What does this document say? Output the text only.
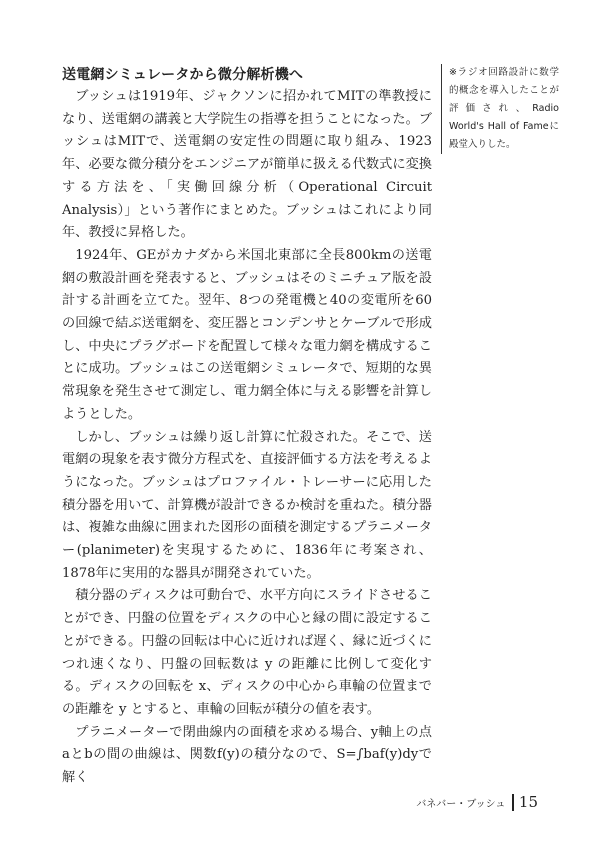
送電網シミュレータから微分解析機へ

ブッシュは1919年、ジャクソンに招かれてMITの準教授になり、送電網の講義と大学院生の指導を担うことになった。ブッシュはMITで、送電網の安定性の問題に取り組み、1923年、必要な微分積分をエンジニアが簡単に扱える代数式に変換する方法を、「実働回線分析（Operational Circuit Analysis）」という著作にまとめた。ブッシュはこれにより同年、教授に昇格した。

1924年、GEがカナダから米国北東部に全長800kmの送電網の敷設計画を発表すると、ブッシュはそのミニチュア版を設計する計画を立てた。翌年、8つの発電機と40の変電所を60の回線で結ぶ送電網を、変圧器とコンデンサとケーブルで形成し、中央にプラグボードを配置して様々な電力網を構成することに成功。ブッシュはこの送電網シミュレータで、短期的な異常現象を発生させて測定し、電力網全体に与える影響を計算しようとした。

しかし、ブッシュは繰り返し計算に忙殺された。そこで、送電網の現象を表す微分方程式を、直接評価する方法を考えるようになった。ブッシュはプロファイル・トレーサーに応用した積分器を用いて、計算機が設計できるか検討を重ねた。積分器は、複雑な曲線に囲まれた図形の面積を測定するプラニメーター(planimeter)を実現するために、1836年に考案され、1878年に実用的な器具が開発されていた。

積分器のディスクは可動台で、水平方向にスライドさせることができ、円盤の位置をディスクの中心と縁の間に設定することができる。円盤の回転は中心に近ければ遅く、縁に近づくにつれ速くなり、円盤の回転数は y の距離に比例して変化する。ディスクの回転を x、ディスクの中心から車輪の位置までの距離を y とすると、車輪の回転が積分の値を表す。

プラニメーターで閉曲線内の面積を求める場合、y軸上の点aとbの間の曲線は、関数f(y)の積分なので、S=∫baf(y)dyで解く

※ラジオ回路設計に数学的概念を導入したことが評価され、Radio World's Hall of Fameに殿堂入りした。
バネバー・ブッシュ 15
